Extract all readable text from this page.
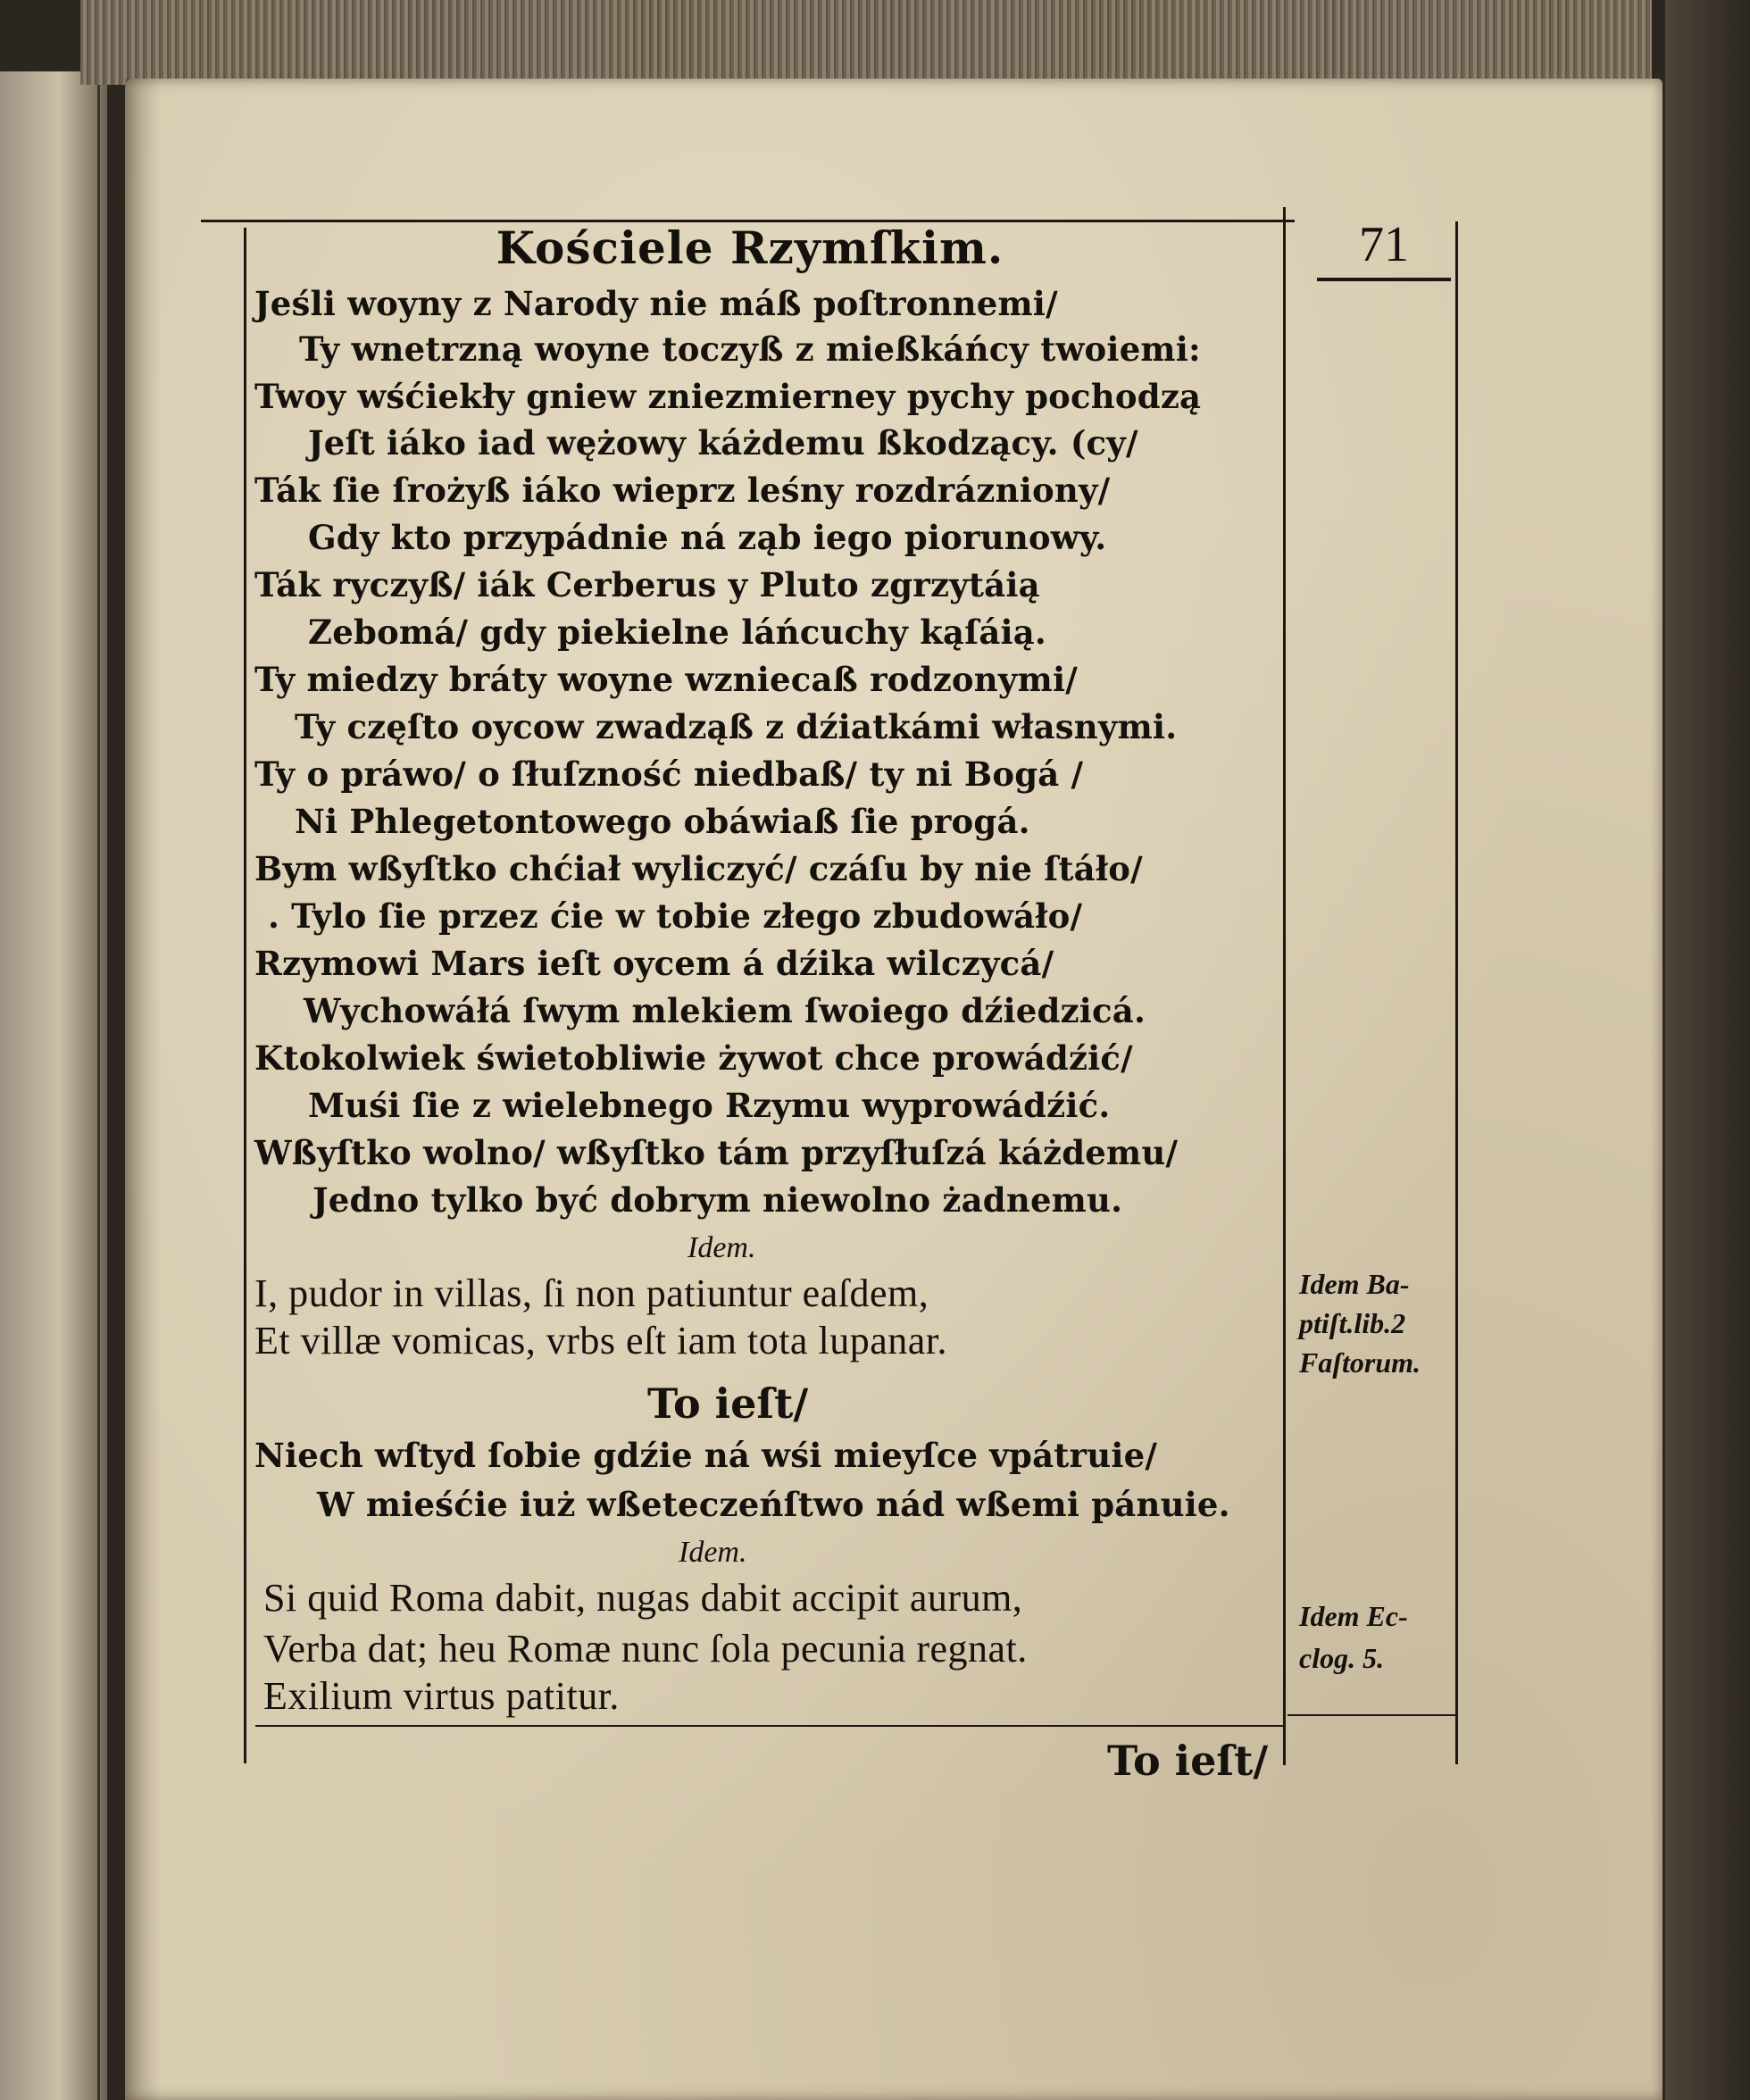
Kościele Rzymſkim.	71

Jeśli woyny z Narody nie máß poſtronnemi/

Ty wnetrzną woyne toczyß z mießkáńcy twoiemi:

Twoy wśćiekły gniew zniezmierney pychy pochodzą

Jeſt iáko iad wężowy káżdemu ßkodzący. (cy/

Ták ſie ſrożyß iáko wieprz leśny rozdrázniony/

Gdy kto przypádnie ná ząb iego piorunowy.

Ták ryczyß/ iák Cerberus y Pluto zgrzytáią

Zebomá/ gdy piekielne láńcuchy kąſáią.

Ty miedzy bráty woyne wzniecaß rodzonymi/

Ty częſto oycow zwadząß z dźiatkámi własnymi.

Ty o práwo/ o ſłuſzność niedbaß/ ty ni Bogá /

Ni Phlegetontowego obáwiaß ſie progá.

Bym wßyſtko chćiał wyliczyć/ czáſu by nie ſtáło/

. Tylo ſie przez ćie w tobie złego zbudowáło/

Rzymowi Mars ieſt oycem á dźika wilczycá/

Wychowáłá ſwym mlekiem ſwoiego dźiedzicá.

Ktokolwiek świetobliwie żywot chce prowádźić/

Muśi ſie z wielebnego Rzymu wyprowádźić.

Wßyſtko wolno/ wßyſtko tám przyſłuſzá káżdemu/

Jedno tylko być dobrym niewolno żadnemu.

Idem.

I, pudor in villas, ſi non patiuntur eaſdem,

Et villæ vomicas, vrbs eſt iam tota lupanar.

To ieſt/

Niech wſtyd ſobie gdźie ná wśi mieyſce vpátruie/

W mieśćie iuż wßeteczeńſtwo nád wßemi pánuie.

Idem.

Si quid Roma dabit, nugas dabit accipit aurum,

Verba dat; heu Romæ nunc ſola pecunia regnat.

Exilium virtus patitur.

To ieſt/

Idem Ba-

ptiſt.lib.2

Faſtorum.

Idem Ec-

clog. 5.
